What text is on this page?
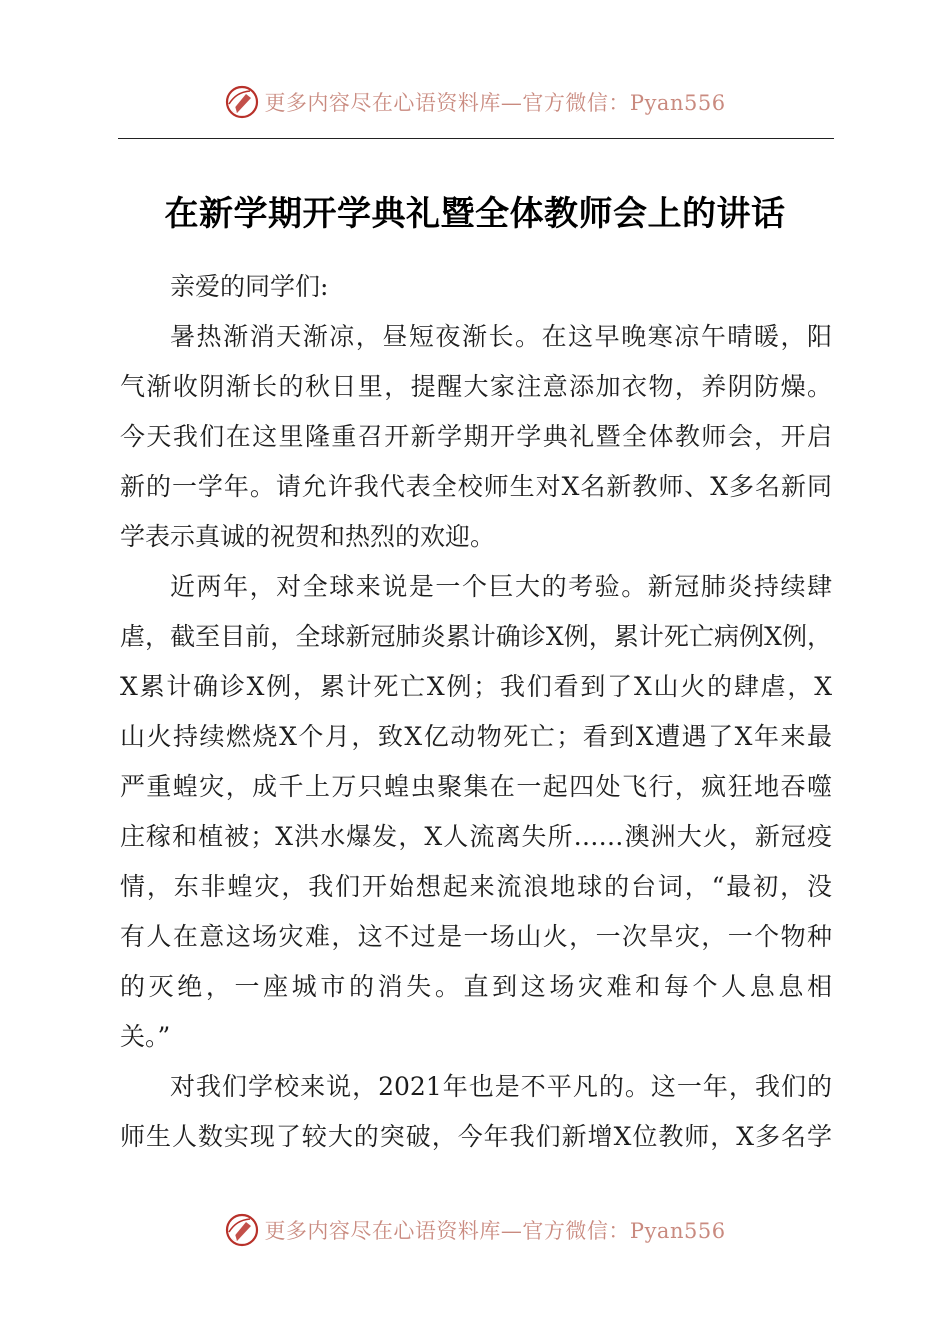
更多内容尽在心语资料库—官方微信：Pyan556
在新学期开学典礼暨全体教师会上的讲话
亲爱的同学们:
暑热渐消天渐凉，昼短夜渐长。在这早晚寒凉午晴暖，阳
气渐收阴渐长的秋日里，提醒大家注意添加衣物，养阴防燥。
今天我们在这里隆重召开新学期开学典礼暨全体教师会，开启
新的一学年。请允许我代表全校师生对X名新教师、X多名新同
学表示真诚的祝贺和热烈的欢迎。
近两年，对全球来说是一个巨大的考验。新冠肺炎持续肆
虐，截至目前，全球新冠肺炎累计确诊X例，累计死亡病例X例，
X累计确诊X例，累计死亡X例；我们看到了X山火的肆虐，X
山火持续燃烧X个月，致X亿动物死亡；看到X遭遇了X年来最
严重蝗灾，成千上万只蝗虫聚集在一起四处飞行，疯狂地吞噬
庄稼和植被；X洪水爆发，X人流离失所……澳洲大火，新冠疫
情，东非蝗灾，我们开始想起来流浪地球的台词，“最初，没
有人在意这场灾难，这不过是一场山火，一次旱灾，一个物种
的灭绝，一座城市的消失。直到这场灾难和每个人息息相
关。”
对我们学校来说，2021年也是不平凡的。这一年，我们的
师生人数实现了较大的突破，今年我们新增X位教师，X多名学
更多内容尽在心语资料库—官方微信：Pyan556
